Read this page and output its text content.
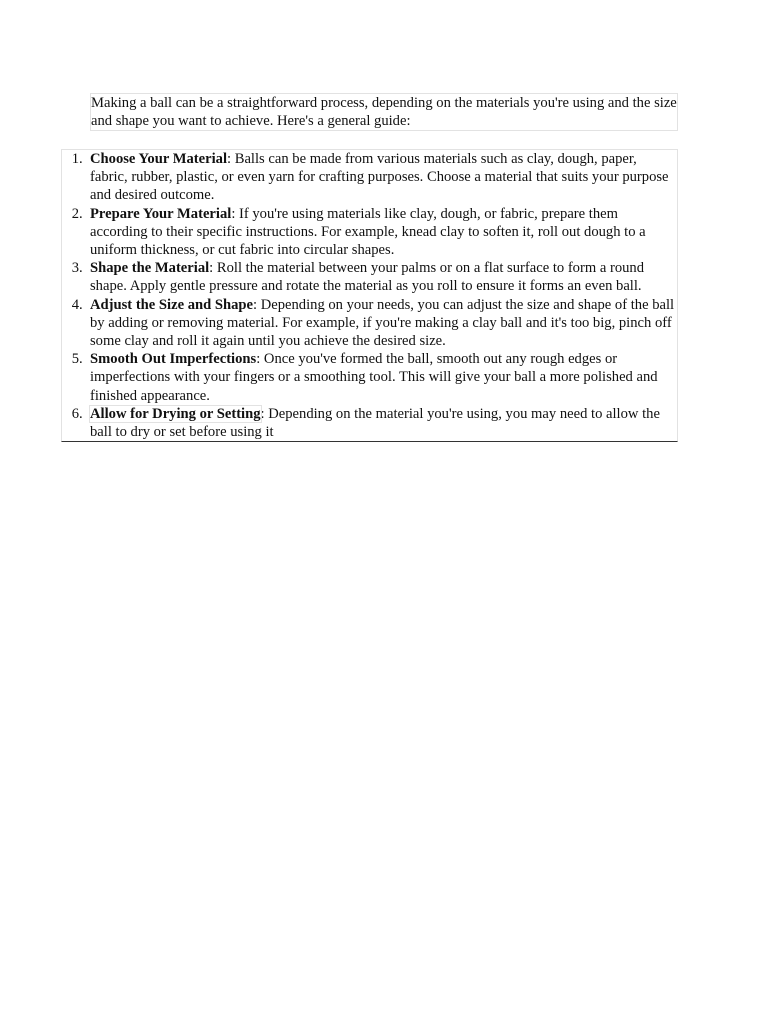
Making a ball can be a straightforward process, depending on the materials you're using and the size and shape you want to achieve. Here's a general guide:

1. Choose Your Material: Balls can be made from various materials such as clay, dough, paper, fabric, rubber, plastic, or even yarn for crafting purposes. Choose a material that suits your purpose and desired outcome.
2. Prepare Your Material: If you're using materials like clay, dough, or fabric, prepare them according to their specific instructions. For example, knead clay to soften it, roll out dough to a uniform thickness, or cut fabric into circular shapes.
3. Shape the Material: Roll the material between your palms or on a flat surface to form a round shape. Apply gentle pressure and rotate the material as you roll to ensure it forms an even ball.
4. Adjust the Size and Shape: Depending on your needs, you can adjust the size and shape of the ball by adding or removing material. For example, if you're making a clay ball and it's too big, pinch off some clay and roll it again until you achieve the desired size.
5. Smooth Out Imperfections: Once you've formed the ball, smooth out any rough edges or imperfections with your fingers or a smoothing tool. This will give your ball a more polished and finished appearance.
6. Allow for Drying or Setting: Depending on the material you're using, you may need to allow the ball to dry or set before using it
